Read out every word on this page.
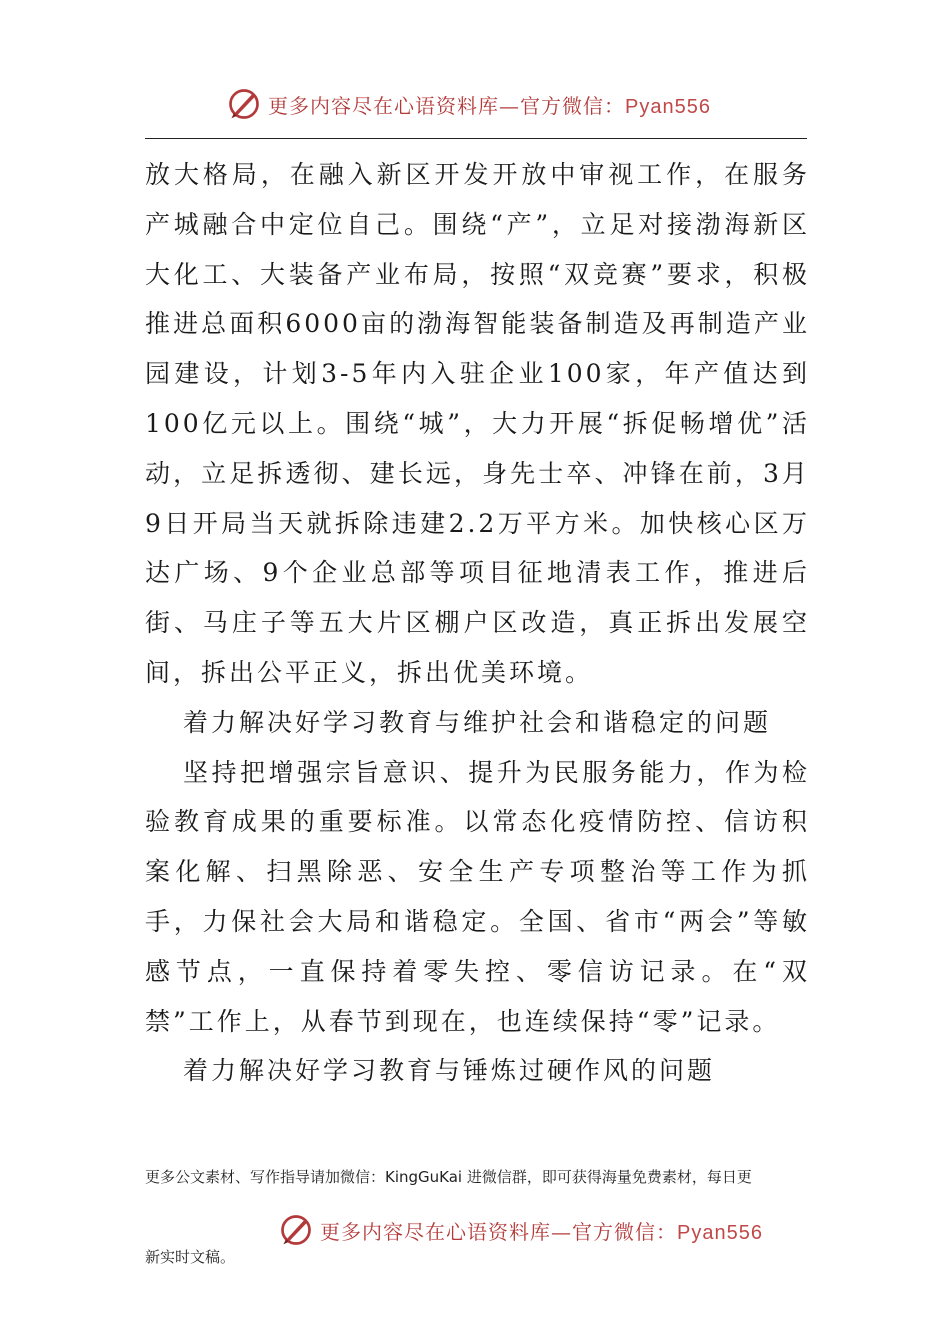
更多内容尽在心语资料库—官方微信：Pyan556

放大格局，在融入新区开发开放中审视工作，在服务产城融合中定位自己。围绕“产”，立足对接渤海新区大化工、大装备产业布局，按照“双竞赛”要求，积极推进总面积6000亩的渤海智能装备制造及再制造产业园建设，计划3-5年内入驻企业100家，年产值达到100亿元以上。围绕“城”，大力开展“拆促畅增优”活动，立足拆透彻、建长远，身先士卒、冲锋在前，3月9日开局当天就拆除违建2.2万平方米。加快核心区万达广场、9个企业总部等项目征地清表工作，推进后街、马庄子等五大片区棚户区改造，真正拆出发展空间，拆出公平正义，拆出优美环境。

着力解决好学习教育与维护社会和谐稳定的问题

坚持把增强宗旨意识、提升为民服务能力，作为检验教育成果的重要标准。以常态化疫情防控、信访积案化解、扫黑除恶、安全生产专项整治等工作为抓手，力保社会大局和谐稳定。全国、省市“两会”等敏感节点，一直保持着零失控、零信访记录。在“双禁”工作上，从春节到现在，也连续保持“零”记录。

着力解决好学习教育与锤炼过硬作风的问题

更多公文素材、写作指导请加微信：KingGuKai 进微信群，即可获得海量免费素材，每日更
更多内容尽在心语资料库—官方微信：Pyan556
新实时文稿。
